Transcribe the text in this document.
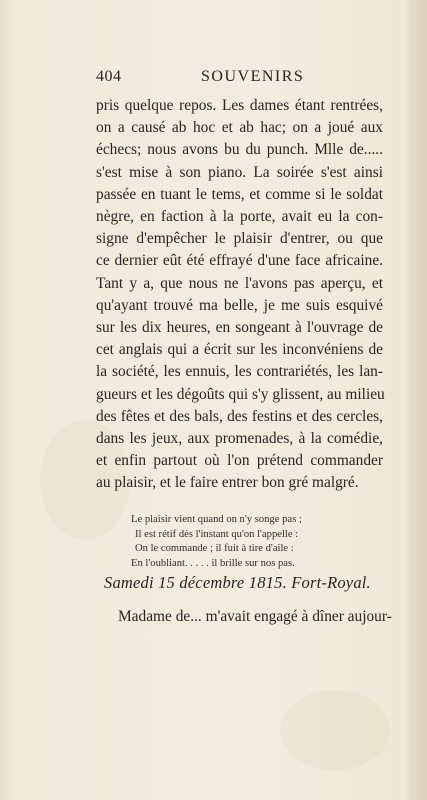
404	SOUVENIRS
pris quelque repos. Les dames étant rentrées,
on a causé ab hoc et ab hac; on a joué aux
échecs; nous avons bu du punch. Mlle de.....
s'est mise à son piano. La soirée s'est ainsi
passée en tuant le tems, et comme si le soldat
nègre, en faction à la porte, avait eu la con-
signe d'empêcher le plaisir d'entrer, ou que
ce dernier eût été effrayé d'une face africaine.
Tant y a, que nous ne l'avons pas aperçu, et
qu'ayant trouvé ma belle, je me suis esquivé
sur les dix heures, en songeant à l'ouvrage de
cet anglais qui a écrit sur les inconvéniens de
la société, les ennuis, les contrariétés, les lan-
gueurs et les dégoûts qui s'y glissent, au milieu
des fêtes et des bals, des festins et des cercles,
dans les jeux, aux promenades, à la comédie,
et enfin partout où l'on prétend commander
au plaisir, et le faire entrer bon gré malgré.
Le plaisir vient quand on n'y songe pas ;
Il est rétif dès l'instant qu'on l'appelle :
On le commande ; il fuit à tire d'aile :
En l'oubliant. . . . . il brille sur nos pas.
Samedi 15 décembre 1815. Fort-Royal.
Madame de... m'avait engagé à dîner aujour-
